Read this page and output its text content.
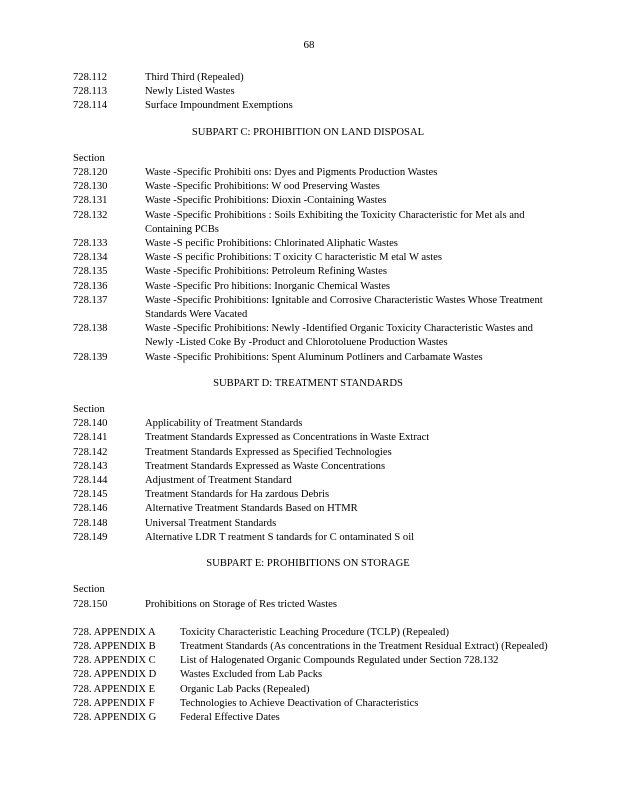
68
728.112	Third Third (Repealed)
728.113	Newly Listed Wastes
728.114	Surface Impoundment Exemptions
SUBPART C: PROHIBITION ON LAND DISPOSAL
Section
728.120	Waste -Specific Prohibiti ons: Dyes and Pigments Production Wastes
728.130	Waste -Specific Prohibitions: W ood Preserving Wastes
728.131	Waste -Specific Prohibitions: Dioxin -Containing Wastes
728.132	Waste -Specific Prohibitions : Soils Exhibiting the Toxicity Characteristic for Met als and Containing PCBs
728.133	Waste -S pecific Prohibitions: Chlorinated Aliphatic Wastes
728.134	Waste -S pecific Prohibitions: T oxicity C haracteristic M etal W astes
728.135	Waste -Specific Prohibitions: Petroleum Refining Wastes
728.136	Waste -Specific Pro hibitions: Inorganic Chemical Wastes
728.137	Waste -Specific Prohibitions: Ignitable and Corrosive Characteristic Wastes Whose Treatment Standards Were Vacated
728.138	Waste -Specific Prohibitions: Newly -Identified Organic Toxicity Characteristic Wastes and Newly -Listed Coke By -Product and Chlorotoluene Production Wastes
728.139	Waste -Specific Prohibitions: Spent Aluminum Potliners and Carbamate Wastes
SUBPART D: TREATMENT STANDARDS
Section
728.140	Applicability of Treatment Standards
728.141	Treatment Standards Expressed as Concentrations in Waste Extract
728.142	Treatment Standards Expressed as Specified Technologies
728.143	Treatment Standards Expressed as Waste Concentrations
728.144	Adjustment of Treatment Standard
728.145	Treatment Standards for Ha zardous Debris
728.146	Alternative Treatment Standards Based on HTMR
728.148	Universal Treatment Standards
728.149	Alternative LDR T reatment S tandards for C ontaminated S oil
SUBPART E: PROHIBITIONS ON STORAGE
Section
728.150	Prohibitions on Storage of Res tricted Wastes
728. APPENDIX A	Toxicity Characteristic Leaching Procedure (TCLP) (Repealed)
728. APPENDIX B	Treatment Standards (As concentrations in the Treatment Residual Extract) (Repealed)
728. APPENDIX C	List of Halogenated Organic Compounds Regulated under Section 728.132
728. APPENDIX D	Wastes Excluded from Lab Packs
728. APPENDIX E	Organic Lab Packs (Repealed)
728. APPENDIX F	Technologies to Achieve Deactivation of Characteristics
728. APPENDIX G	Federal Effective Dates
